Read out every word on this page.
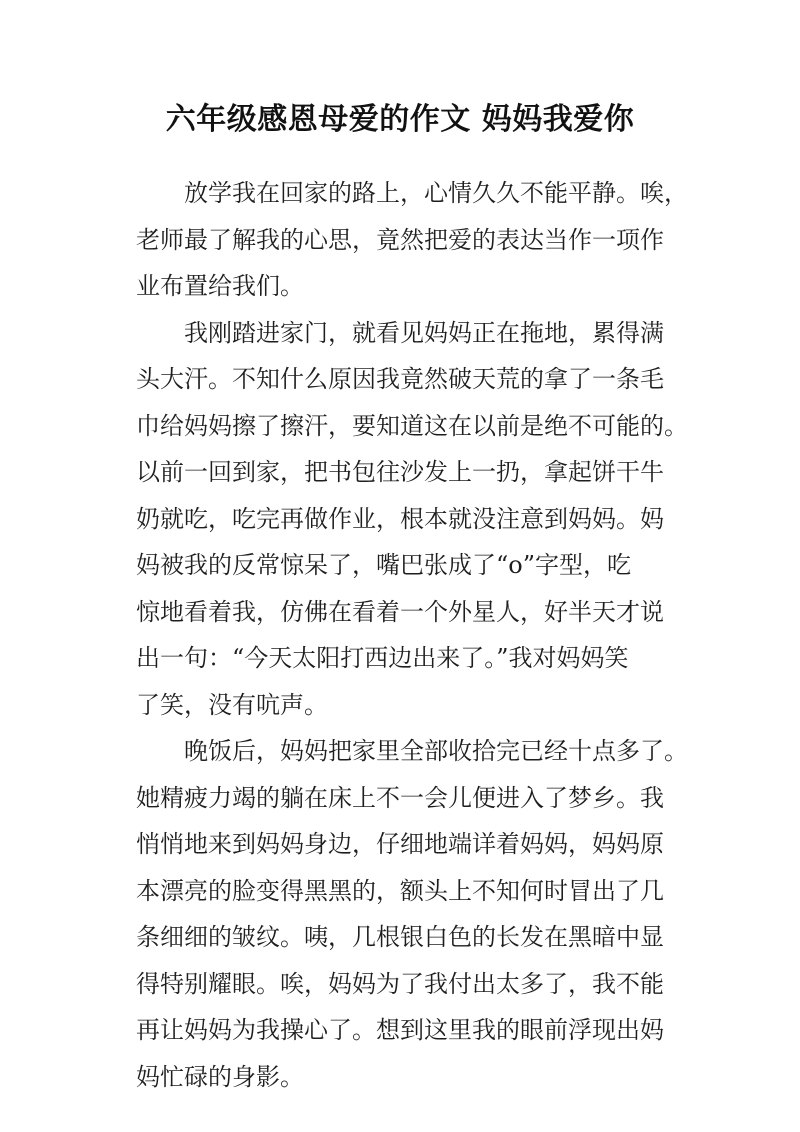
六年级感恩母爱的作文 妈妈我爱你
放学我在回家的路上，心情久久不能平静。唉，
老师最了解我的心思，竟然把爱的表达当作一项作
业布置给我们。
我刚踏进家门，就看见妈妈正在拖地，累得满
头大汗。不知什么原因我竟然破天荒的拿了一条毛
巾给妈妈擦了擦汗，要知道这在以前是绝不可能的。
以前一回到家，把书包往沙发上一扔，拿起饼干牛
奶就吃，吃完再做作业，根本就没注意到妈妈。妈
妈被我的反常惊呆了，嘴巴张成了“o”字型，吃
惊地看着我，仿佛在看着一个外星人，好半天才说
出一句：“今天太阳打西边出来了。”我对妈妈笑
了笑，没有吭声。
晚饭后，妈妈把家里全部收拾完已经十点多了。
她精疲力竭的躺在床上不一会儿便进入了梦乡。我
悄悄地来到妈妈身边，仔细地端详着妈妈，妈妈原
本漂亮的脸变得黑黑的，额头上不知何时冒出了几
条细细的皱纹。咦，几根银白色的长发在黑暗中显
得特别耀眼。唉，妈妈为了我付出太多了，我不能
再让妈妈为我操心了。想到这里我的眼前浮现出妈
妈忙碌的身影。
